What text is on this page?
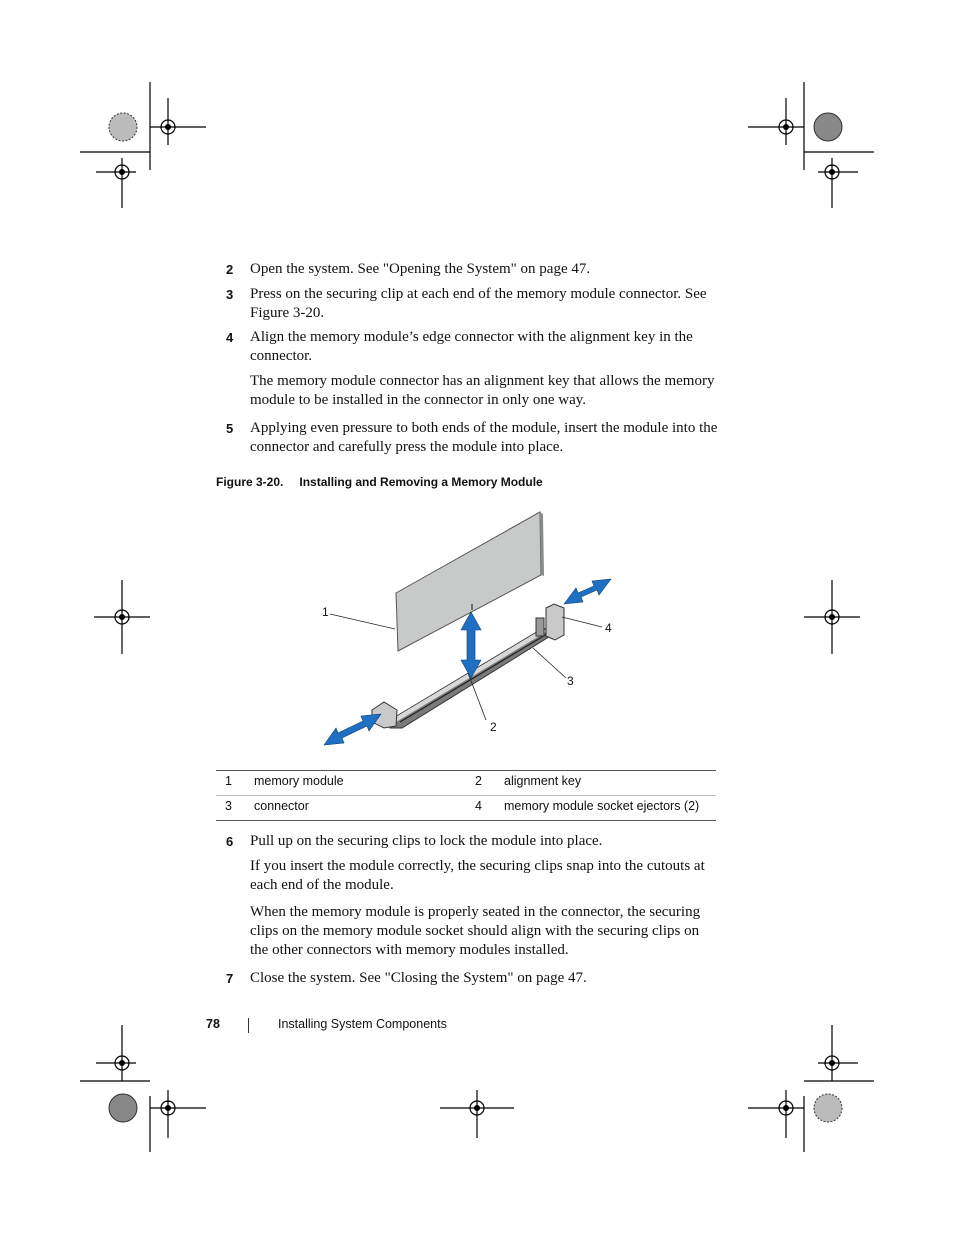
2 Open the system. See "Opening the System" on page 47.
3 Press on the securing clip at each end of the memory module connector. See Figure 3-20.
4 Align the memory module’s edge connector with the alignment key in the connector.
The memory module connector has an alignment key that allows the memory module to be installed in the connector in only one way.
5 Applying even pressure to both ends of the module, insert the module into the connector and carefully press the module into place.
Figure 3-20. Installing and Removing a Memory Module
1
2
3
4
1 memory module	2 alignment key
3 connector	4 memory module socket ejectors (2)
6 Pull up on the securing clips to lock the module into place.
If you insert the module correctly, the securing clips snap into the cutouts at each end of the module.
When the memory module is properly seated in the connector, the securing clips on the memory module socket should align with the securing clips on the other connectors with memory modules installed.
7 Close the system. See "Closing the System" on page 47.
78	Installing System Components
